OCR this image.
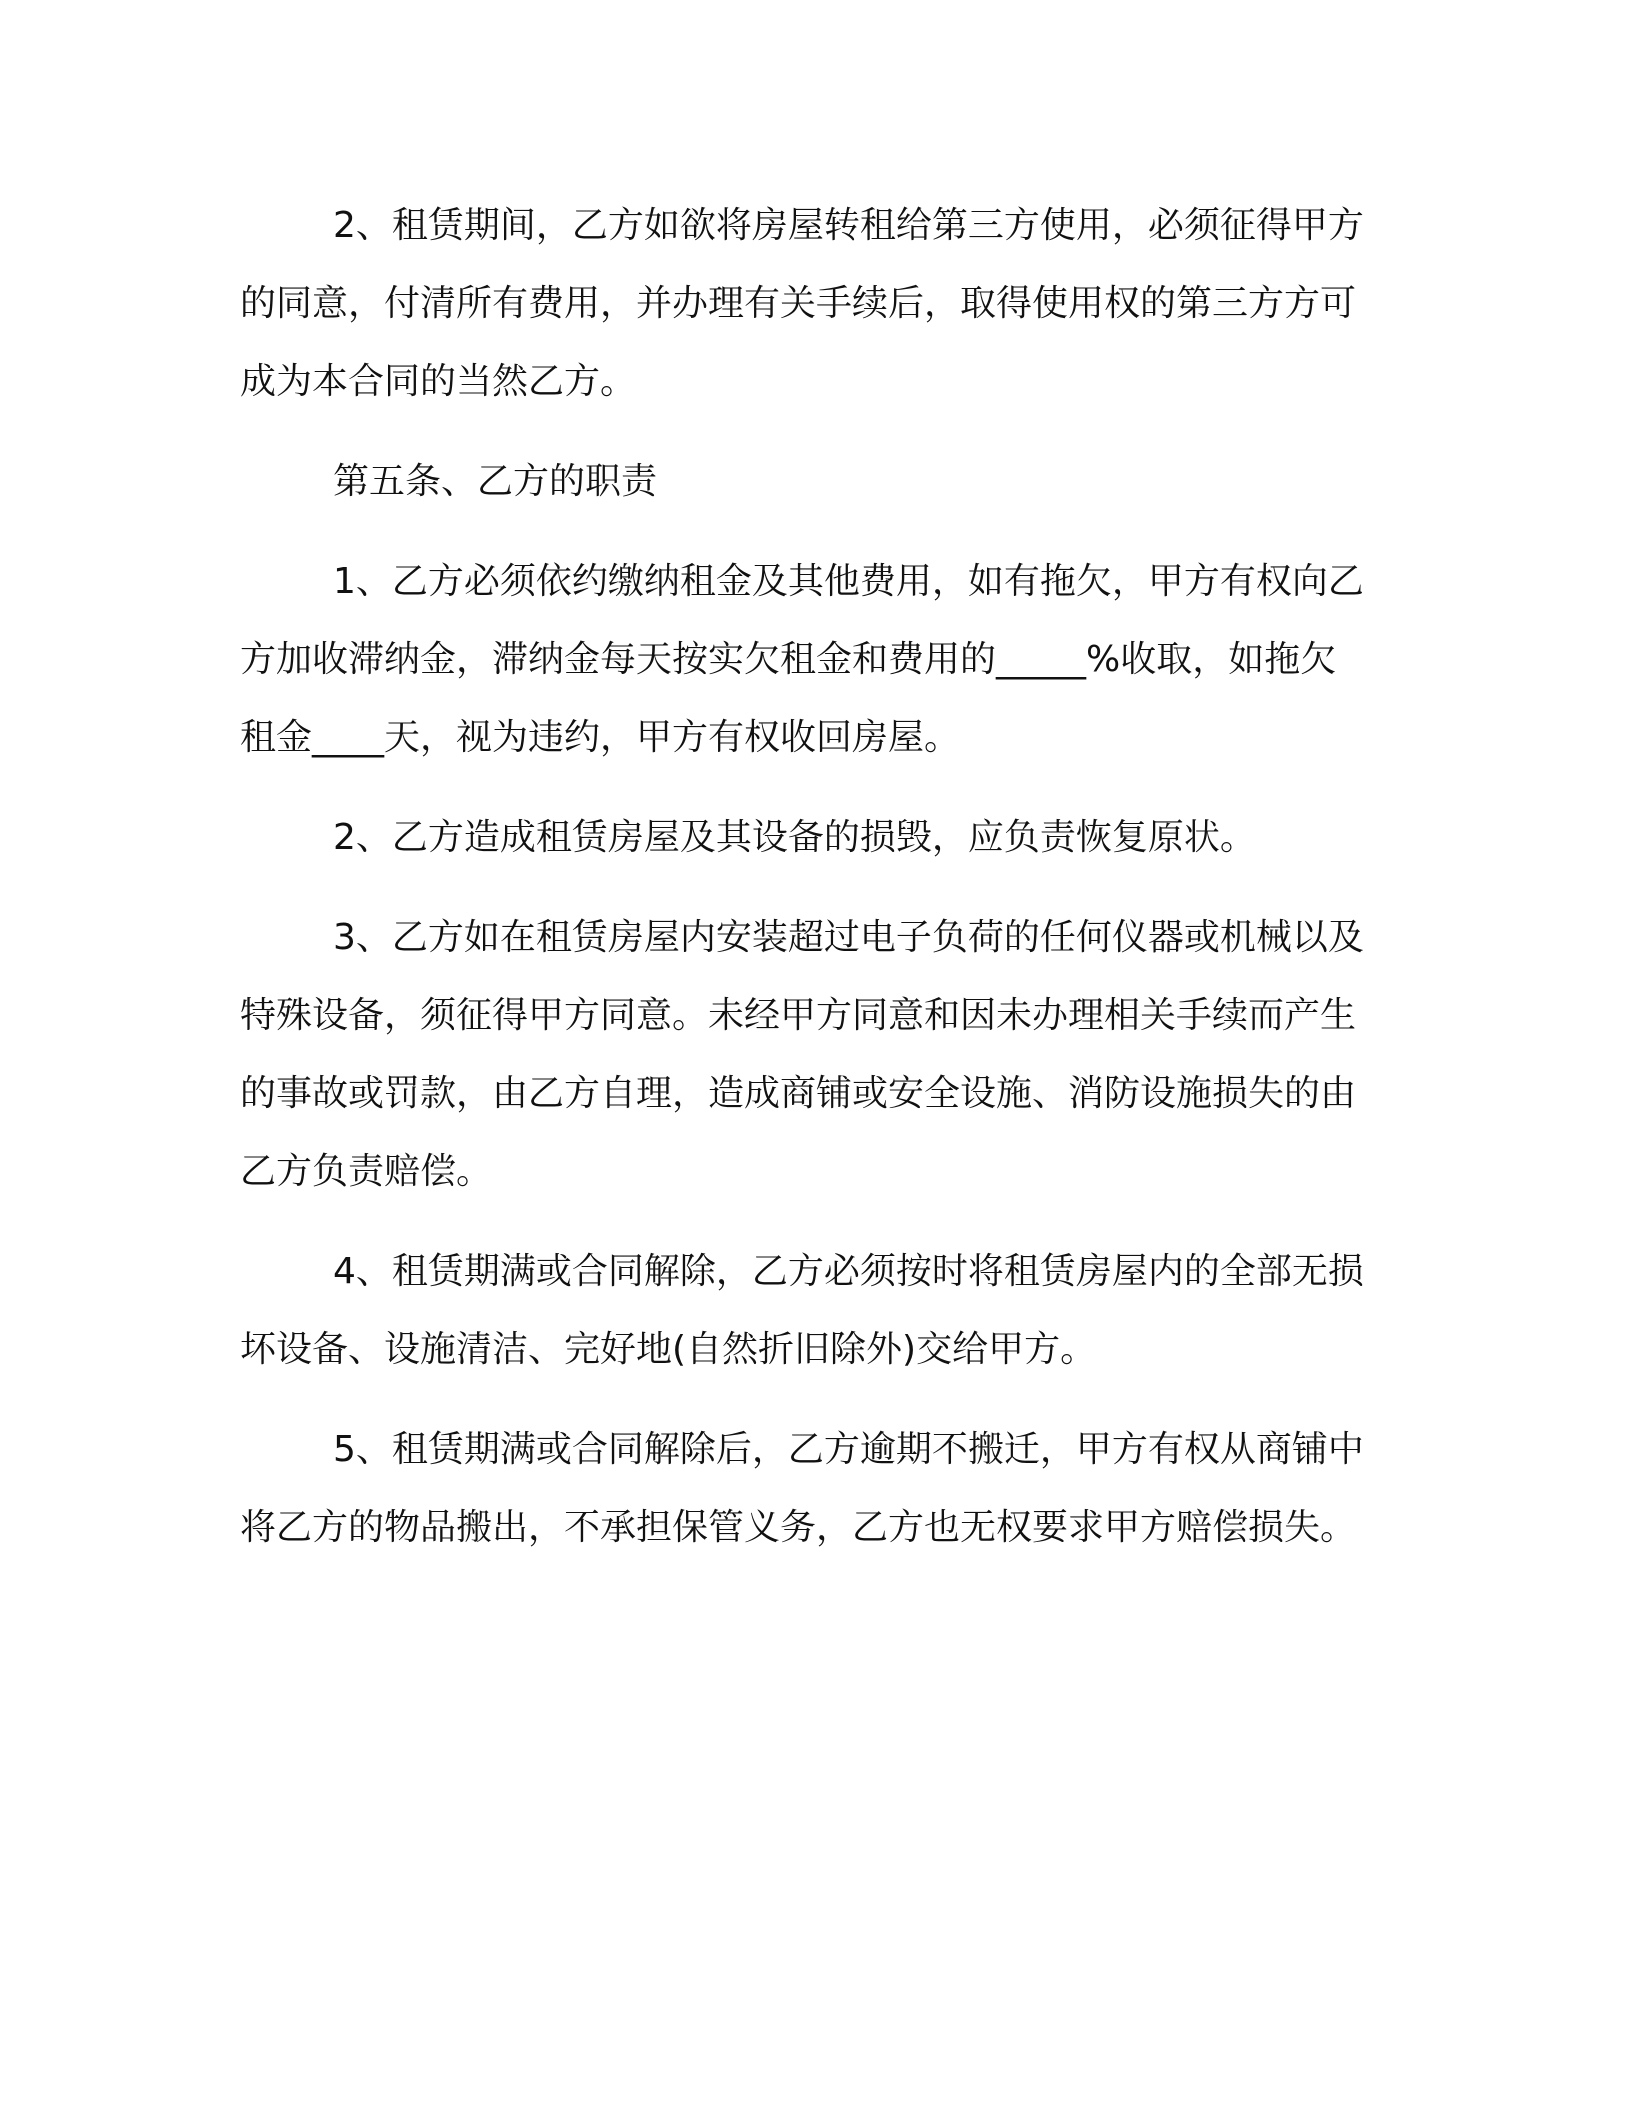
2、租赁期间，乙方如欲将房屋转租给第三方使用，必须征得甲方的同意，付清所有费用，并办理有关手续后，取得使用权的第三方方可成为本合同的当然乙方。

第五条、乙方的职责

1、乙方必须依约缴纳租金及其他费用，如有拖欠，甲方有权向乙方加收滞纳金，滞纳金每天按实欠租金和费用的_____%收取，如拖欠租金____天，视为违约，甲方有权收回房屋。

2、乙方造成租赁房屋及其设备的损毁，应负责恢复原状。

3、乙方如在租赁房屋内安装超过电子负荷的任何仪器或机械以及特殊设备，须征得甲方同意。未经甲方同意和因未办理相关手续而产生的事故或罚款，由乙方自理，造成商铺或安全设施、消防设施损失的由乙方负责赔偿。

4、租赁期满或合同解除，乙方必须按时将租赁房屋内的全部无损坏设备、设施清洁、完好地(自然折旧除外)交给甲方。

5、租赁期满或合同解除后，乙方逾期不搬迁，甲方有权从商铺中将乙方的物品搬出，不承担保管义务，乙方也无权要求甲方赔偿损失。
